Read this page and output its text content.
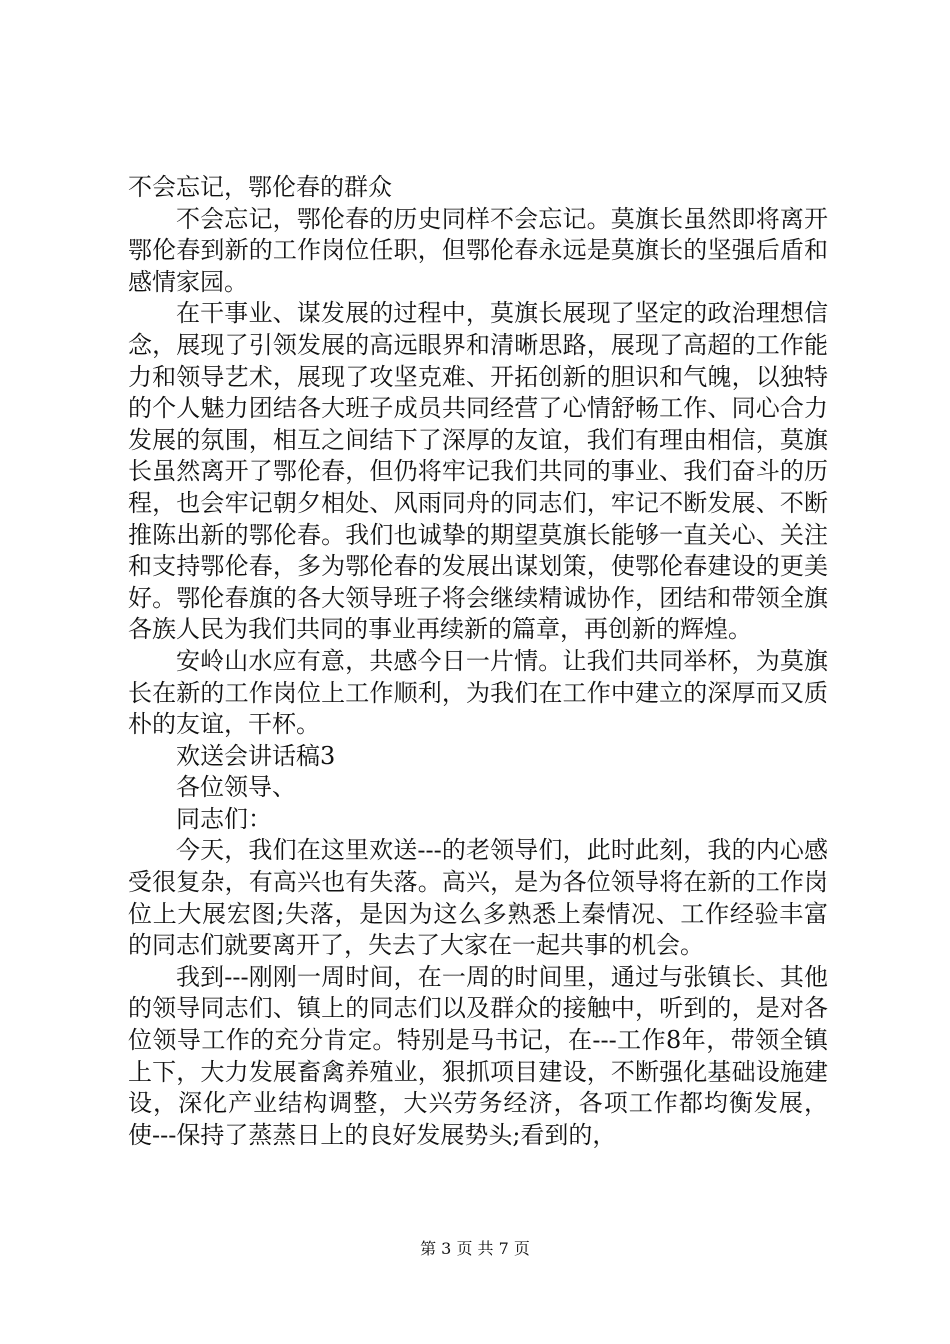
不会忘记，鄂伦春的群众

不会忘记，鄂伦春的历史同样不会忘记。莫旗长虽然即将离开鄂伦春到新的工作岗位任职，但鄂伦春永远是莫旗长的坚强后盾和感情家园。

在干事业、谋发展的过程中，莫旗长展现了坚定的政治理想信念，展现了引领发展的高远眼界和清晰思路，展现了高超的工作能力和领导艺术，展现了攻坚克难、开拓创新的胆识和气魄，以独特的个人魅力团结各大班子成员共同经营了心情舒畅工作、同心合力发展的氛围，相互之间结下了深厚的友谊，我们有理由相信，莫旗长虽然离开了鄂伦春，但仍将牢记我们共同的事业、我们奋斗的历程，也会牢记朝夕相处、风雨同舟的同志们，牢记不断发展、不断推陈出新的鄂伦春。我们也诚挚的期望莫旗长能够一直关心、关注和支持鄂伦春，多为鄂伦春的发展出谋划策，使鄂伦春建设的更美好。鄂伦春旗的各大领导班子将会继续精诚协作，团结和带领全旗各族人民为我们共同的事业再续新的篇章，再创新的辉煌。

安岭山水应有意，共感今日一片情。让我们共同举杯，为莫旗长在新的工作岗位上工作顺利，为我们在工作中建立的深厚而又质朴的友谊，干杯。

欢送会讲话稿3

各位领导、

同志们：

今天，我们在这里欢送---的老领导们，此时此刻，我的内心感受很复杂，有高兴也有失落。高兴，是为各位领导将在新的工作岗位上大展宏图;失落，是因为这么多熟悉上秦情况、工作经验丰富的同志们就要离开了，失去了大家在一起共事的机会。

我到---刚刚一周时间，在一周的时间里，通过与张镇长、其他的领导同志们、镇上的同志们以及群众的接触中，听到的，是对各位领导工作的充分肯定。特别是马书记，在---工作8年，带领全镇上下，大力发展畜禽养殖业，狠抓项目建设，不断强化基础设施建设，深化产业结构调整，大兴劳务经济，各项工作都均衡发展，使---保持了蒸蒸日上的良好发展势头;看到的，

第 3 页 共 7 页
